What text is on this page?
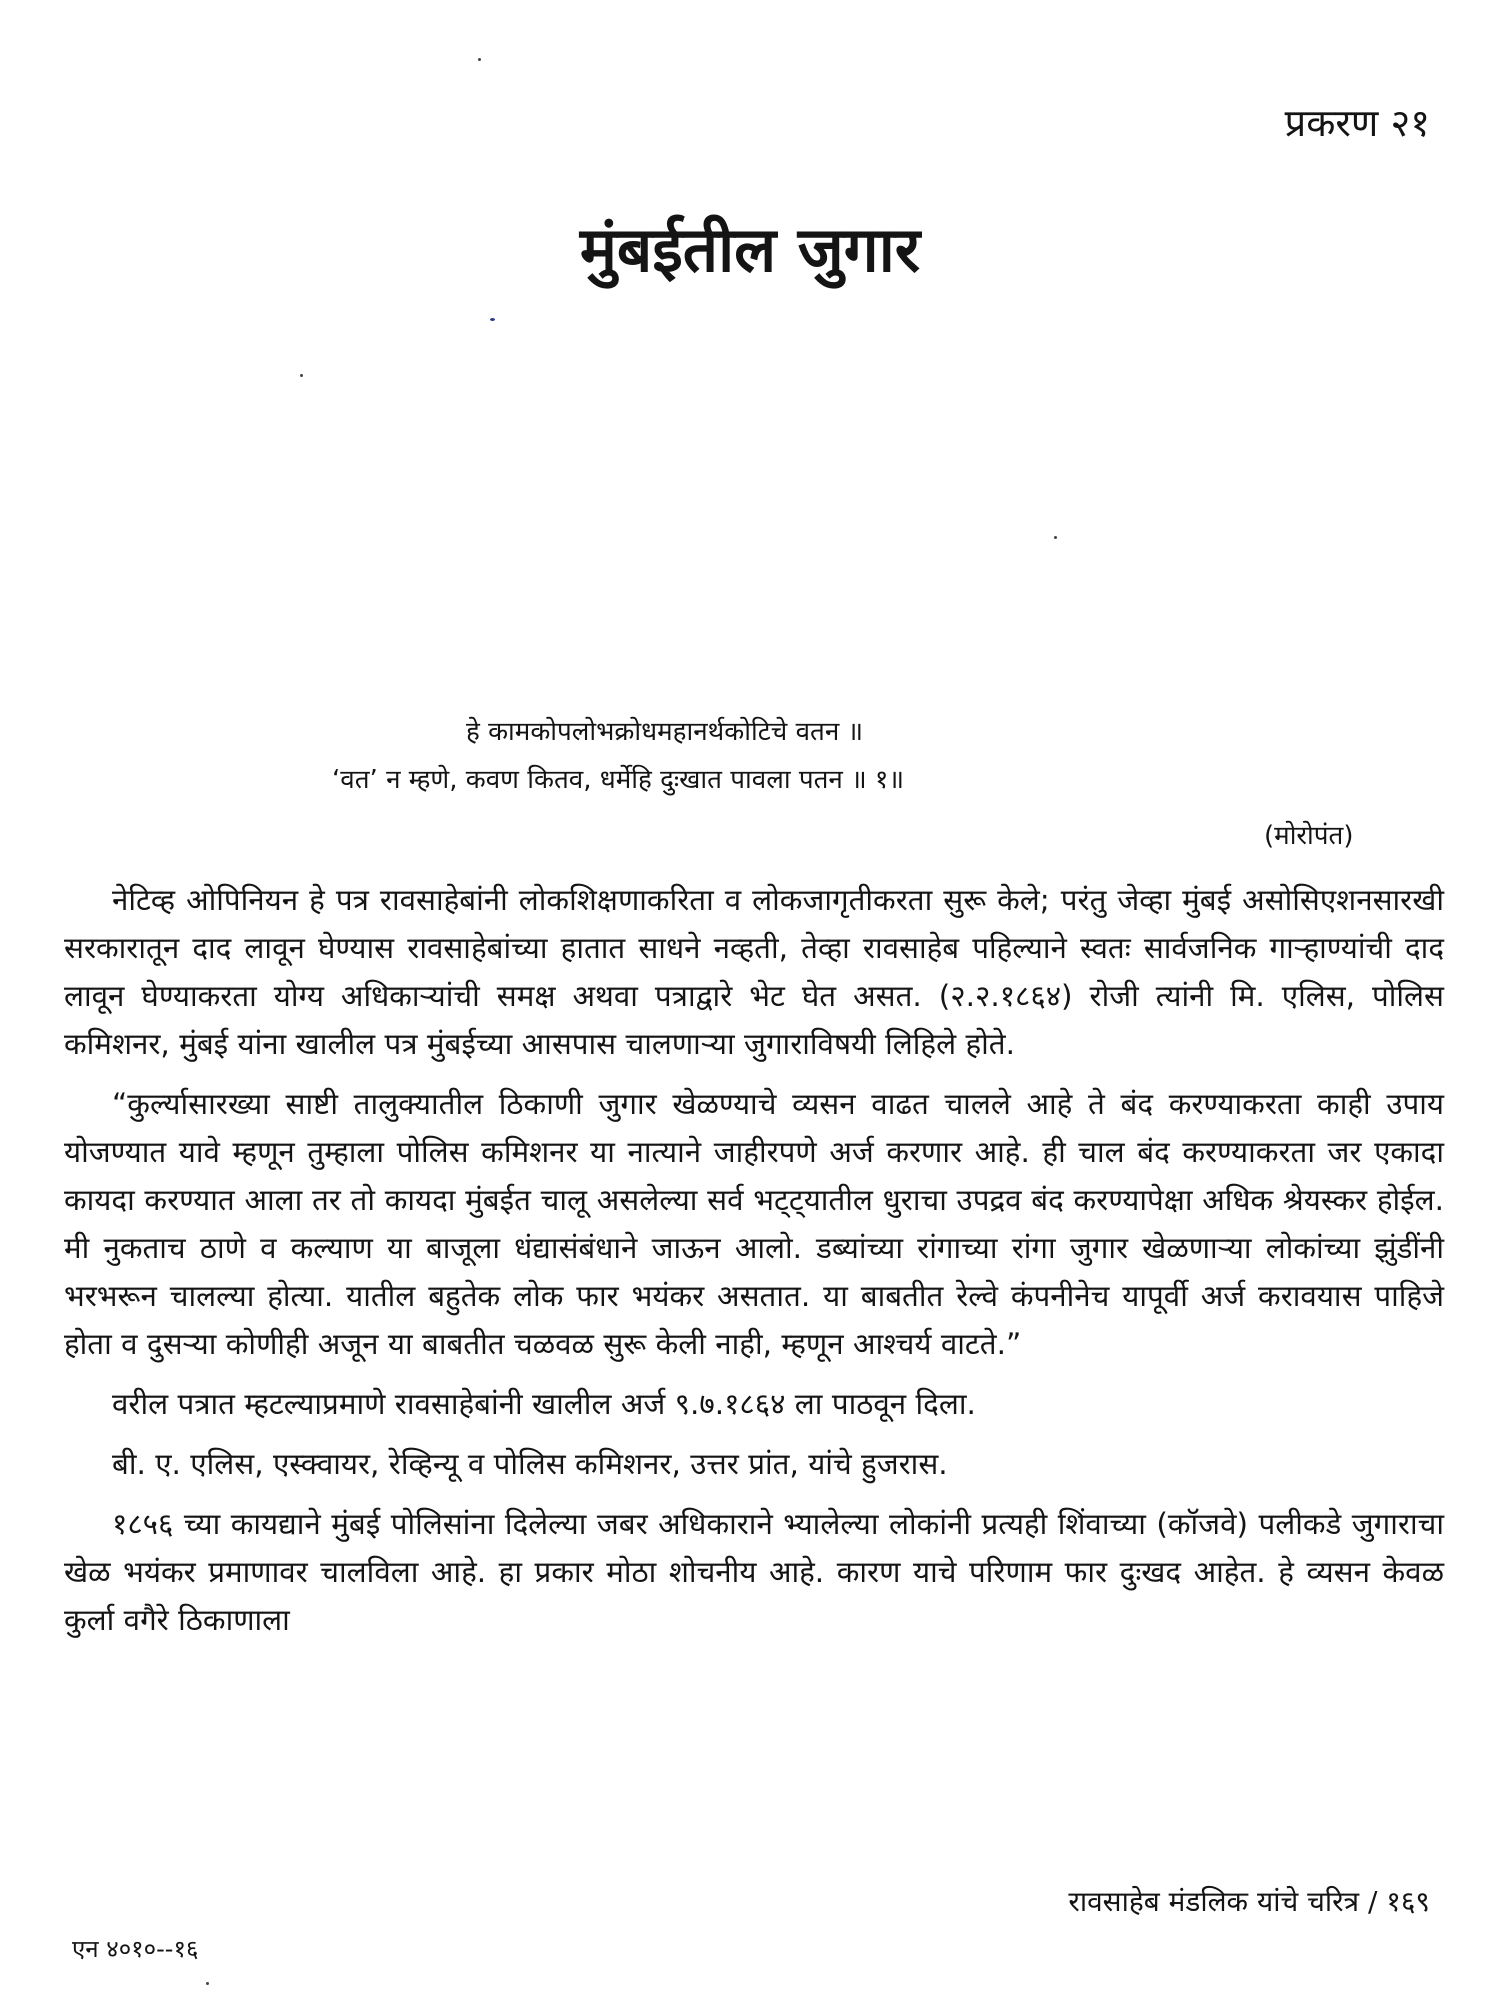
प्रकरण २१
मुंबईतील जुगार
हे कामकोपलोभक्रोधमहानर्थकोटिचे वतन ॥
‘वत’ न म्हणे, कवण कितव, धर्मेहि दुःखात पावला पतन ॥ १॥
(मोरोपंत)

नेटिव्ह ओपिनियन हे पत्र रावसाहेबांनी लोकशिक्षणाकरिता व लोकजागृतीकरता सुरू केले; परंतु जेव्हा मुंबई असोसिएशनसारखी सरकारातून दाद लावून घेण्यास रावसाहेबांच्या हातात साधने नव्हती, तेव्हा रावसाहेब पहिल्याने स्वतः सार्वजनिक गाऱ्हाण्यांची दाद लावून घेण्याकरता योग्य अधिकाऱ्यांची समक्ष अथवा पत्राद्वारे भेट घेत असत. (२.२.१८६४) रोजी त्यांनी मि. एलिस, पोलिस कमिशनर, मुंबई यांना खालील पत्र मुंबईच्या आसपास चालणाऱ्या जुगाराविषयी लिहिले होते.

“कुर्ल्यासारख्या साष्टी तालुक्यातील ठिकाणी जुगार खेळण्याचे व्यसन वाढत चालले आहे ते बंद करण्याकरता काही उपाय योजण्यात यावे म्हणून तुम्हाला पोलिस कमिशनर या नात्याने जाहीरपणे अर्ज करणार आहे. ही चाल बंद करण्याकरता जर एकादा कायदा करण्यात आला तर तो कायदा मुंबईत चालू असलेल्या सर्व भट्ट्यातील धुराचा उपद्रव बंद करण्यापेक्षा अधिक श्रेयस्कर होईल. मी नुकताच ठाणे व कल्याण या बाजूला धंद्यासंबंधाने जाऊन आलो. डब्यांच्या रांगाच्या रांगा जुगार खेळणाऱ्या लोकांच्या झुंडींनी भरभरून चालल्या होत्या. यातील बहुतेक लोक फार भयंकर असतात. या बाबतीत रेल्वे कंपनीनेच यापूर्वी अर्ज करावयास पाहिजे होता व दुसऱ्या कोणीही अजून या बाबतीत चळवळ सुरू केली नाही, म्हणून आश्चर्य वाटते.”

वरील पत्रात म्हटल्याप्रमाणे रावसाहेबांनी खालील अर्ज ९.७.१८६४ ला पाठवून दिला.

बी. ए. एलिस, एस्क्वायर, रेव्हिन्यू व पोलिस कमिशनर, उत्तर प्रांत, यांचे हुजरास.

१८५६ च्या कायद्याने मुंबई पोलिसांना दिलेल्या जबर अधिकाराने भ्यालेल्या लोकांनी प्रत्यही शिंवाच्या (कॉजवे) पलीकडे जुगाराचा खेळ भयंकर प्रमाणावर चालविला आहे. हा प्रकार मोठा शोचनीय आहे. कारण याचे परिणाम फार दुःखद आहेत. हे व्यसन केवळ कुर्ला वगैरे ठिकाणाला

रावसाहेब मंडलिक यांचे चरित्र / १६९
एन ४०१०--१६
